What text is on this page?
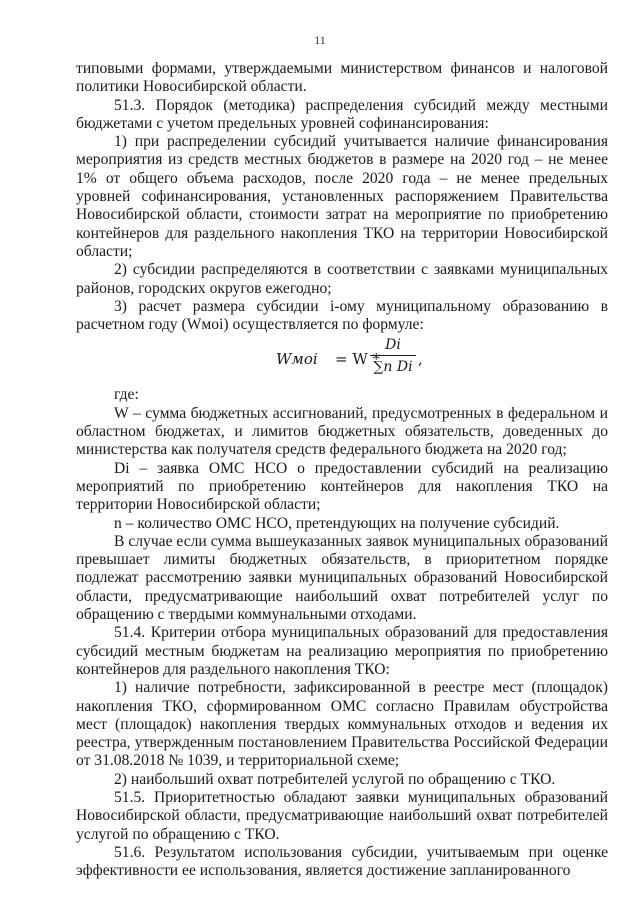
11

типовыми формами, утверждаемыми министерством финансов и налоговой политики Новосибирской области.

51.3. Порядок (методика) распределения субсидий между местными бюджетами с учетом предельных уровней софинансирования:

1) при распределении субсидий учитывается наличие финансирования мероприятия из средств местных бюджетов в размере на 2020 год – не менее 1% от общего объема расходов, после 2020 года – не менее предельных уровней софинансирования, установленных распоряжением Правительства Новосибирской области, стоимости затрат на мероприятие по приобретению контейнеров для раздельного накопления ТКО на территории Новосибирской области;

2) субсидии распределяются в соответствии с заявками муниципальных районов, городских округов ежегодно;

3) расчет размера субсидии i-ому муниципальному образованию в расчетном году (Wмоi) осуществляется по формуле:

Wмоi = W *
Di
∑n Di ,

где:

W – сумма бюджетных ассигнований, предусмотренных в федеральном и областном бюджетах, и лимитов бюджетных обязательств, доведенных до министерства как получателя средств федерального бюджета на 2020 год;

Di – заявка ОМС НСО о предоставлении субсидий на реализацию мероприятий по приобретению контейнеров для накопления ТКО на территории Новосибирской области;

n – количество ОМС НСО, претендующих на получение субсидий.

В случае если сумма вышеуказанных заявок муниципальных образований превышает лимиты бюджетных обязательств, в приоритетном порядке подлежат рассмотрению заявки муниципальных образований Новосибирской области, предусматривающие наибольший охват потребителей услуг по обращению с твердыми коммунальными отходами.

51.4. Критерии отбора муниципальных образований для предоставления субсидий местным бюджетам на реализацию мероприятия по приобретению контейнеров для раздельного накопления ТКО:

1) наличие потребности, зафиксированной в реестре мест (площадок) накопления ТКО, сформированном ОМС согласно Правилам обустройства мест (площадок) накопления твердых коммунальных отходов и ведения их реестра, утвержденным постановлением Правительства Российской Федерации от 31.08.2018 № 1039, и территориальной схеме;

2) наибольший охват потребителей услугой по обращению с ТКО.

51.5. Приоритетностью обладают заявки муниципальных образований Новосибирской области, предусматривающие наибольший охват потребителей услугой по обращению с ТКО.

51.6. Результатом использования субсидии, учитываемым при оценке эффективности ее использования, является достижение запланированного
